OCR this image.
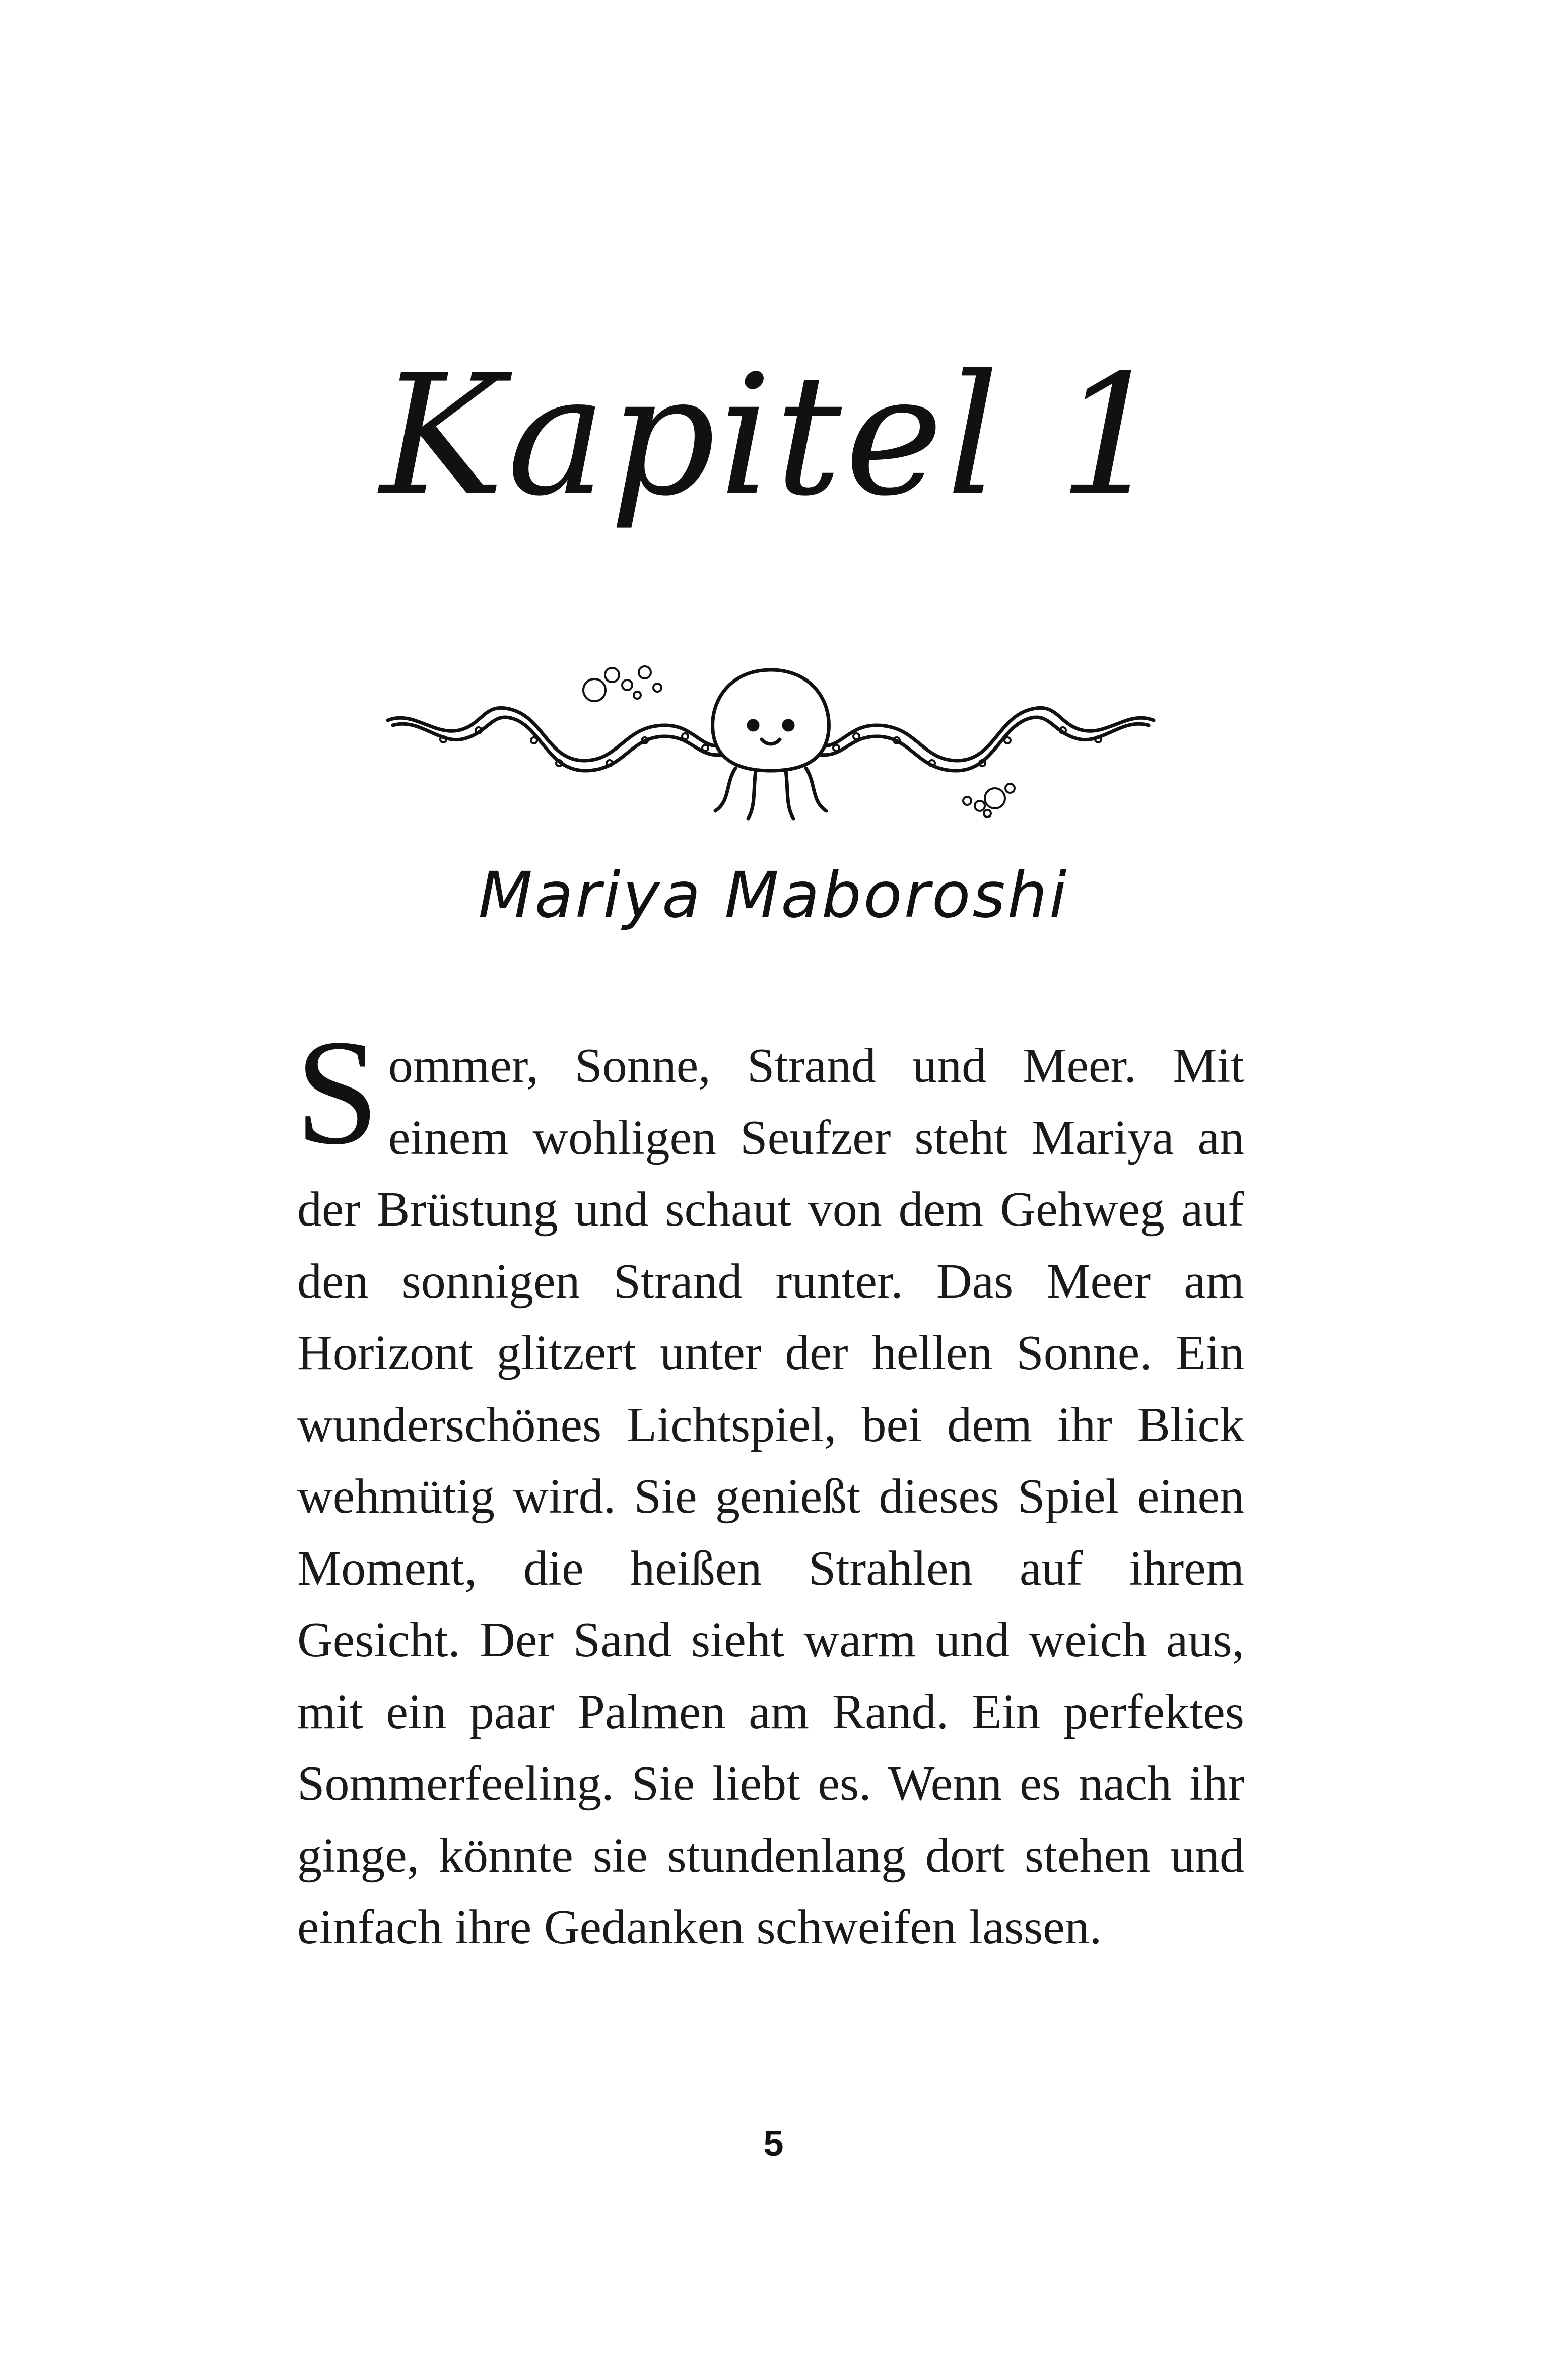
Kapitel 1
Mariya Maboroshi

Sommer, Sonne, Strand und Meer. Mit einem wohligen Seufzer steht Mariya an der Brüstung und schaut von dem Gehweg auf den sonnigen Strand runter. Das Meer am Horizont glitzert unter der hellen Sonne. Ein wunderschönes Lichtspiel, bei dem ihr Blick wehmütig wird. Sie genießt dieses Spiel einen Moment, die heißen Strahlen auf ihrem Gesicht. Der Sand sieht warm und weich aus, mit ein paar Palmen am Rand. Ein perfektes Sommerfeeling. Sie liebt es. Wenn es nach ihr ginge, könnte sie stundenlang dort stehen und einfach ihre Gedanken schweifen lassen.

5
